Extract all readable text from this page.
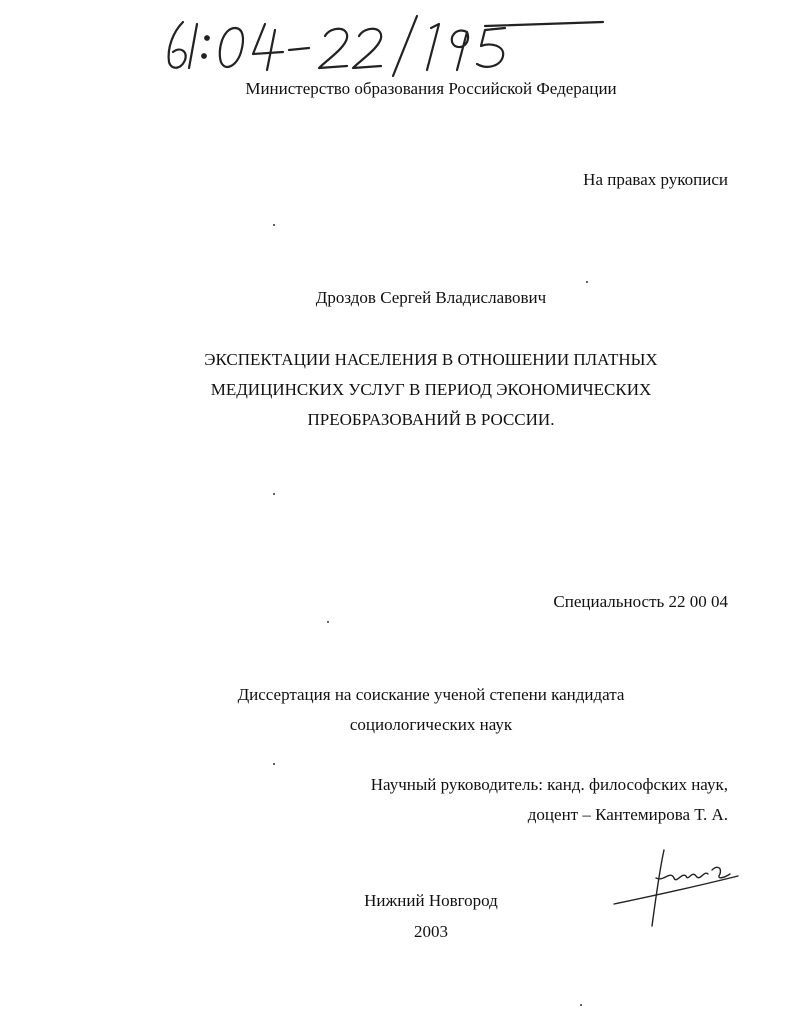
Министерство образования Российской Федерации
На правах рукописи
Дроздов Сергей Владиславович
ЭКСПЕКТАЦИИ НАСЕЛЕНИЯ В ОТНОШЕНИИ ПЛАТНЫХ
МЕДИЦИНСКИХ УСЛУГ В ПЕРИОД ЭКОНОМИЧЕСКИХ
ПРЕОБРАЗОВАНИЙ В РОССИИ.
Специальность 22 00 04
Диссертация на соискание ученой степени кандидата
социологических наук
Научный руководитель: канд. философских наук,
доцент – Кантемирова Т. А.
Нижний Новгород
2003
